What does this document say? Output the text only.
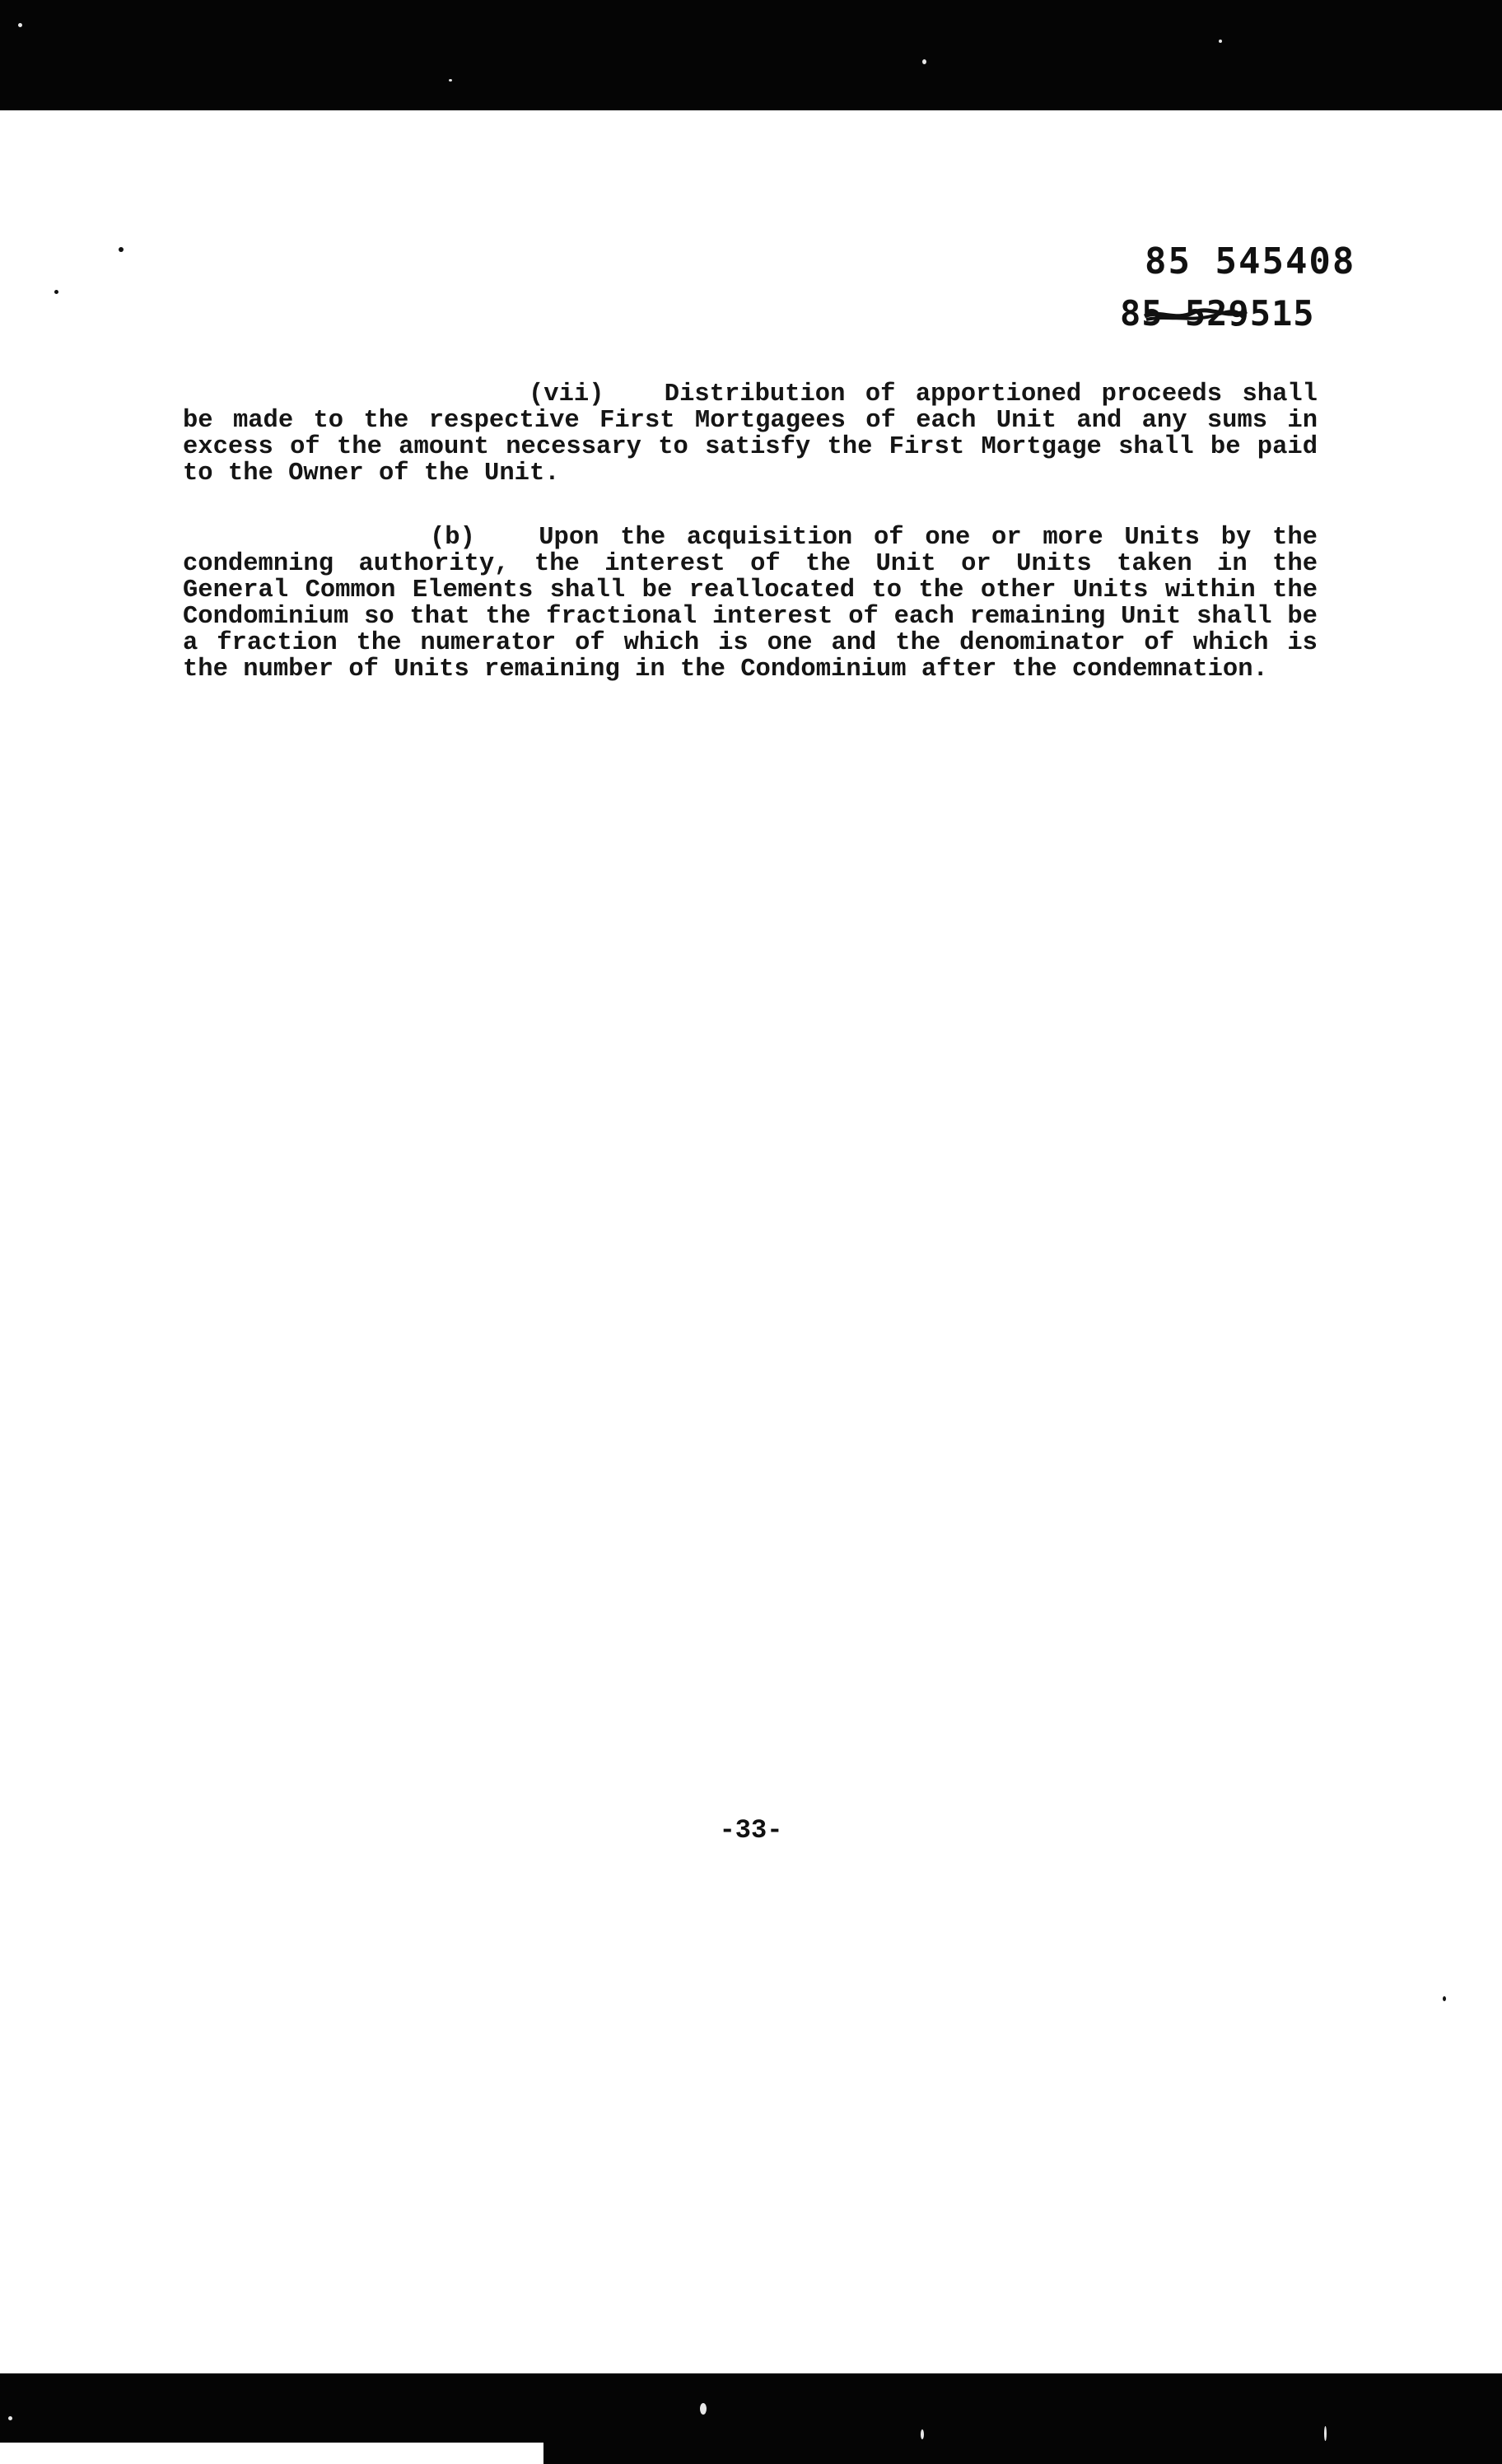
85 545408
85 529515

(vii) Distribution of apportioned proceeds shall be made to the respective First Mortgagees of each Unit and any sums in excess of the amount necessary to satisfy the First Mortgage shall be paid to the Owner of the Unit.

(b)	Upon the acquisition of one or more Units by the condemning authority, the interest of the Unit or Units taken in the General Common Elements shall be reallocated to the other Units within the Condominium so that the fractional interest of each remaining Unit shall be a fraction the numerator of which is one and the denominator of which is the number of Units remaining in the Condominium after the condemnation.

-33-
